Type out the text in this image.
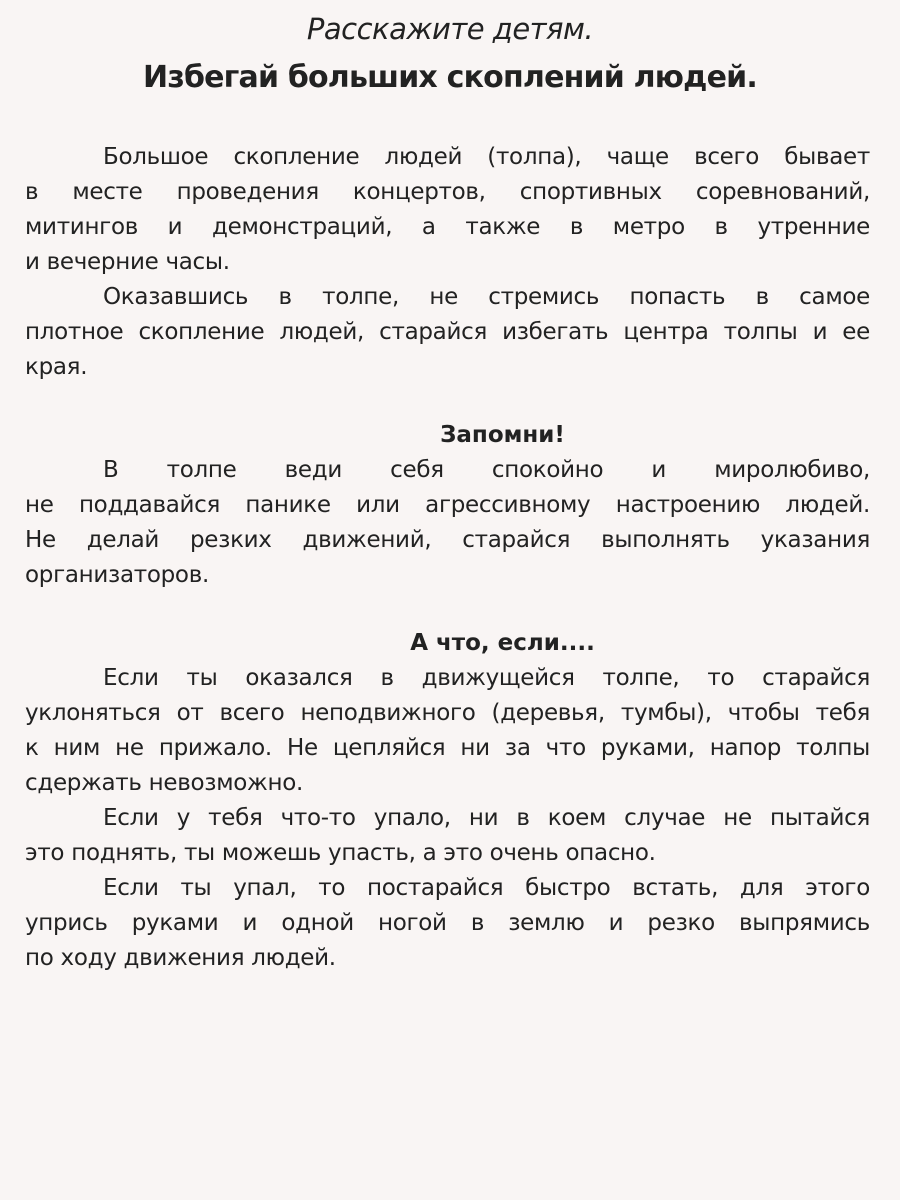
Расскажите детям.
Избегай больших скоплений людей.
Большое скопление людей (толпа), чаще всего бывает
в месте проведения концертов, спортивных соревнований,
митингов и демонстраций, а также в метро в утренние
и вечерние часы.
Оказавшись в толпе, не стремись попасть в самое
плотное скопление людей, старайся избегать центра толпы и ее
края.
Запомни!
В толпе веди себя спокойно и миролюбиво,
не поддавайся панике или агрессивному настроению людей.
Не делай резких движений, старайся выполнять указания
организаторов.
А что, если....
Если ты оказался в движущейся толпе, то старайся
уклоняться от всего неподвижного (деревья, тумбы), чтобы тебя
к ним не прижало. Не цепляйся ни за что руками, напор толпы
сдержать невозможно.
Если у тебя что-то упало, ни в коем случае не пытайся
это поднять, ты можешь упасть, а это очень опасно.
Если ты упал, то постарайся быстро встать, для этого
упрись руками и одной ногой в землю и резко выпрямись
по ходу движения людей.
